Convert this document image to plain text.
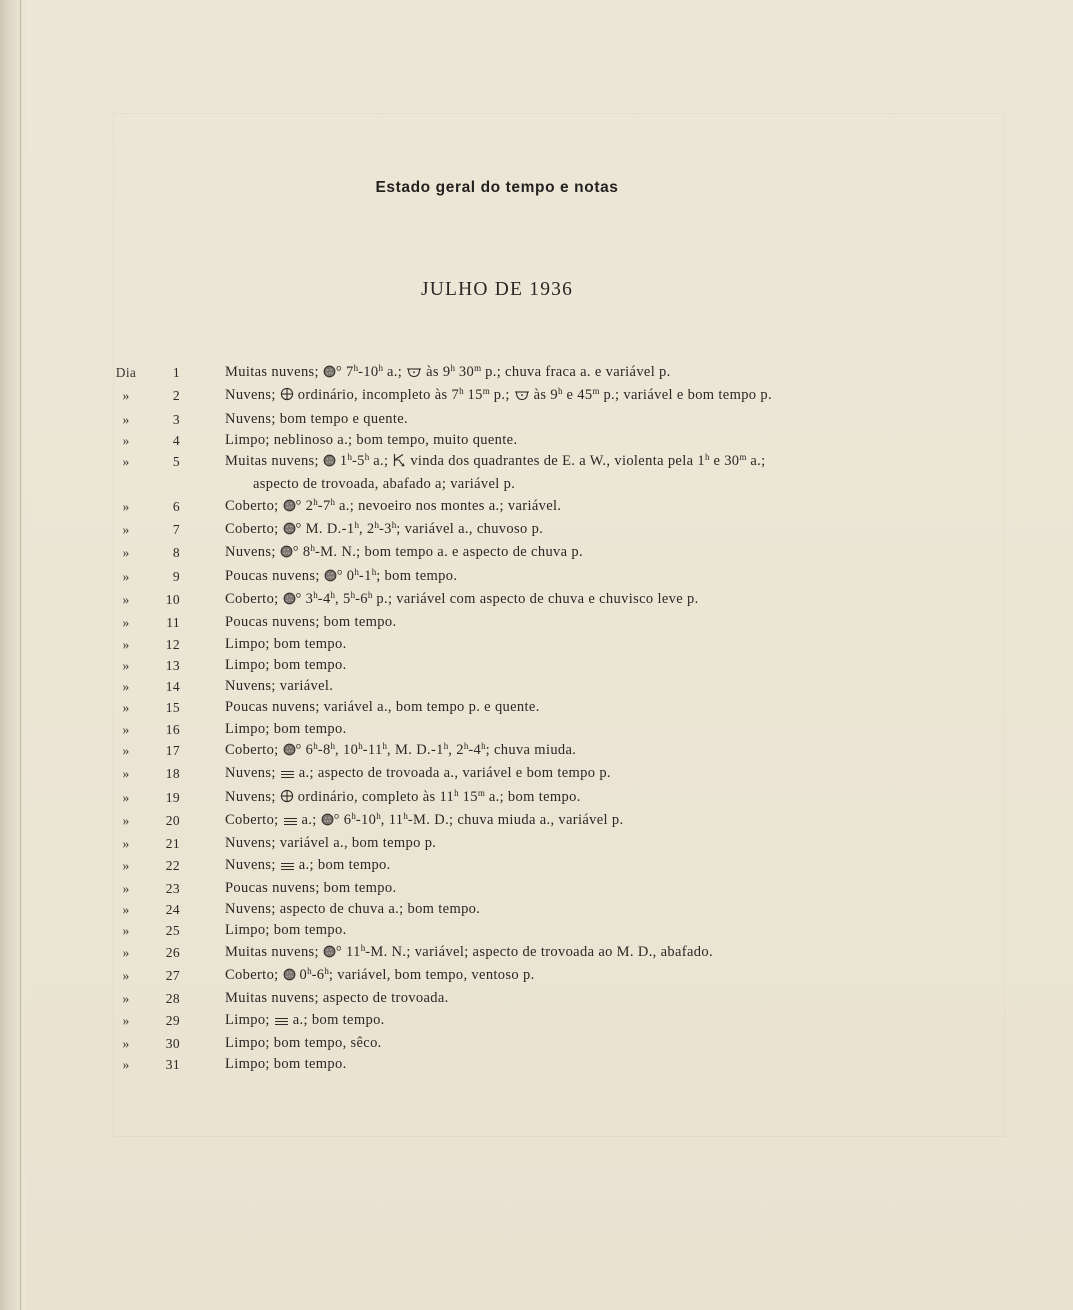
Estado geral do tempo e notas
JULHO DE 1936
Dia	1	Muitas nuvens; ° 7$^h$-10$^h$ a.;  às 9$^h$ 30$^m$ p.; chuva fraca a. e variável p.
»	2	Nuvens;  ordinário, incompleto às 7$^h$ 15$^m$ p.;  às 9$^h$ e 45$^m$ p.; variável e bom tempo p.
»	3	Nuvens; bom tempo e quente.
»	4	Limpo; neblinoso a.; bom tempo, muito quente.
»	5	Muitas nuvens;  1$^h$-5$^h$ a.;  vinda dos quadrantes de E. a W., violenta pela 1$^h$ e 30$^m$ a.;
aspecto de trovoada, abafado a; variável p.
»	6	Coberto; ° 2$^h$-7$^h$ a.; nevoeiro nos montes a.; variável.
»	7	Coberto; ° M. D.-1$^h$, 2$^h$-3$^h$; variável a., chuvoso p.
»	8	Nuvens; ° 8$^h$-M. N.; bom tempo a. e aspecto de chuva p.
»	9	Poucas nuvens; ° 0$^h$-1$^h$; bom tempo.
»	10	Coberto; ° 3$^h$-4$^h$, 5$^h$-6$^h$ p.; variável com aspecto de chuva e chuvisco leve p.
»	11	Poucas nuvens; bom tempo.
»	12	Limpo; bom tempo.
»	13	Limpo; bom tempo.
»	14	Nuvens; variável.
»	15	Poucas nuvens; variável a., bom tempo p. e quente.
»	16	Limpo; bom tempo.
»	17	Coberto; ° 6$^h$-8$^h$, 10$^h$-11$^h$, M. D.-1$^h$, 2$^h$-4$^h$; chuva miuda.
»	18	Nuvens;  a.; aspecto de trovoada a., variável e bom tempo p.
»	19	Nuvens;  ordinário, completo às 11$^h$ 15$^m$ a.; bom tempo.
»	20	Coberto;  a.; ° 6$^h$-10$^h$, 11$^h$-M. D.; chuva miuda a., variável p.
»	21	Nuvens; variável a., bom tempo p.
»	22	Nuvens;  a.; bom tempo.
»	23	Poucas nuvens; bom tempo.
»	24	Nuvens; aspecto de chuva a.; bom tempo.
»	25	Limpo; bom tempo.
»	26	Muitas nuvens; ° 11$^h$-M. N.; variável; aspecto de trovoada ao M. D., abafado.
»	27	Coberto;  0$^h$-6$^h$; variável, bom tempo, ventoso p.
»	28	Muitas nuvens; aspecto de trovoada.
»	29	Limpo;  a.; bom tempo.
»	30	Limpo; bom tempo, sêco.
»	31	Limpo; bom tempo.
